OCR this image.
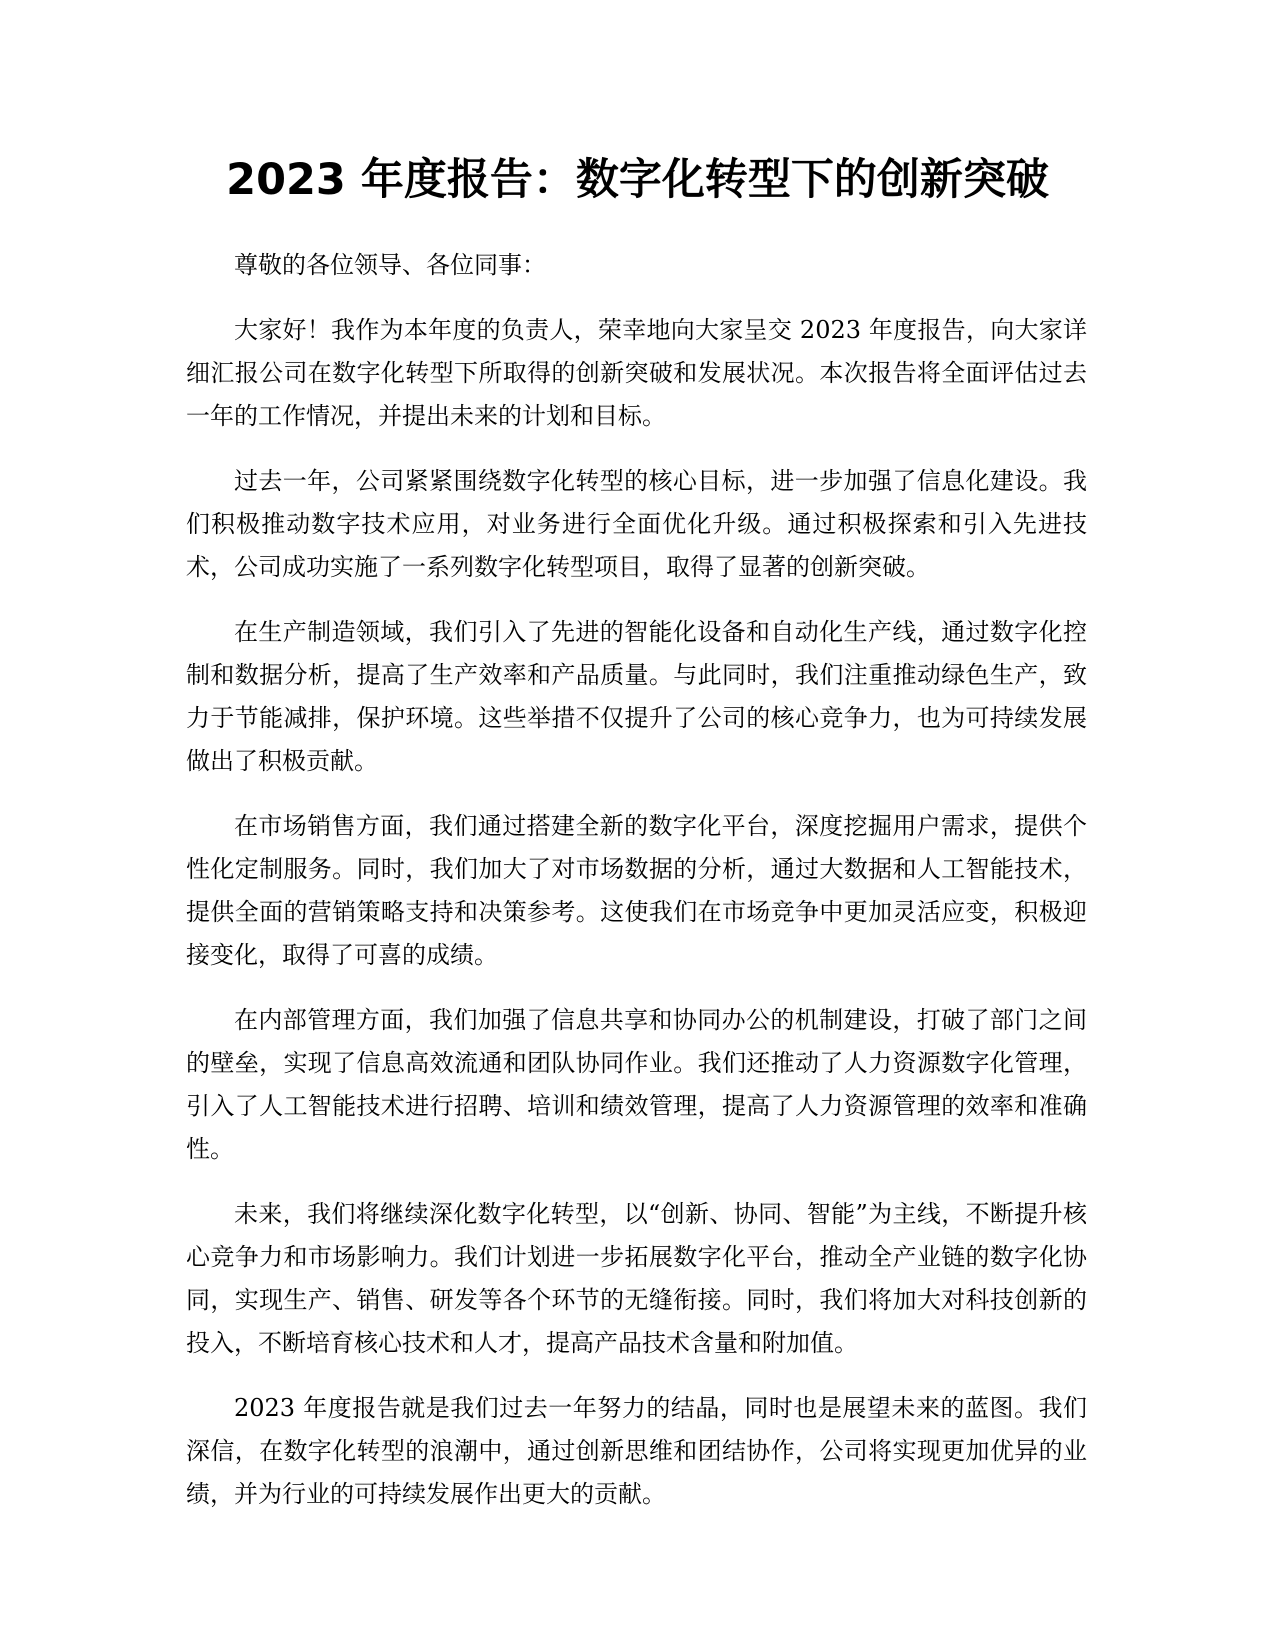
2023 年度报告：数字化转型下的创新突破

尊敬的各位领导、各位同事：

大家好！我作为本年度的负责人，荣幸地向大家呈交 2023 年度报告，向大家详细汇报公司在数字化转型下所取得的创新突破和发展状况。本次报告将全面评估过去一年的工作情况，并提出未来的计划和目标。

过去一年，公司紧紧围绕数字化转型的核心目标，进一步加强了信息化建设。我们积极推动数字技术应用，对业务进行全面优化升级。通过积极探索和引入先进技术，公司成功实施了一系列数字化转型项目，取得了显著的创新突破。

在生产制造领域，我们引入了先进的智能化设备和自动化生产线，通过数字化控制和数据分析，提高了生产效率和产品质量。与此同时，我们注重推动绿色生产，致力于节能减排，保护环境。这些举措不仅提升了公司的核心竞争力，也为可持续发展做出了积极贡献。

在市场销售方面，我们通过搭建全新的数字化平台，深度挖掘用户需求，提供个性化定制服务。同时，我们加大了对市场数据的分析，通过大数据和人工智能技术，提供全面的营销策略支持和决策参考。这使我们在市场竞争中更加灵活应变，积极迎接变化，取得了可喜的成绩。

在内部管理方面，我们加强了信息共享和协同办公的机制建设，打破了部门之间的壁垒，实现了信息高效流通和团队协同作业。我们还推动了人力资源数字化管理，引入了人工智能技术进行招聘、培训和绩效管理，提高了人力资源管理的效率和准确性。

未来，我们将继续深化数字化转型，以“创新、协同、智能”为主线，不断提升核心竞争力和市场影响力。我们计划进一步拓展数字化平台，推动全产业链的数字化协同，实现生产、销售、研发等各个环节的无缝衔接。同时，我们将加大对科技创新的投入，不断培育核心技术和人才，提高产品技术含量和附加值。

2023 年度报告就是我们过去一年努力的结晶，同时也是展望未来的蓝图。我们深信，在数字化转型的浪潮中，通过创新思维和团结协作，公司将实现更加优异的业绩，并为行业的可持续发展作出更大的贡献。
